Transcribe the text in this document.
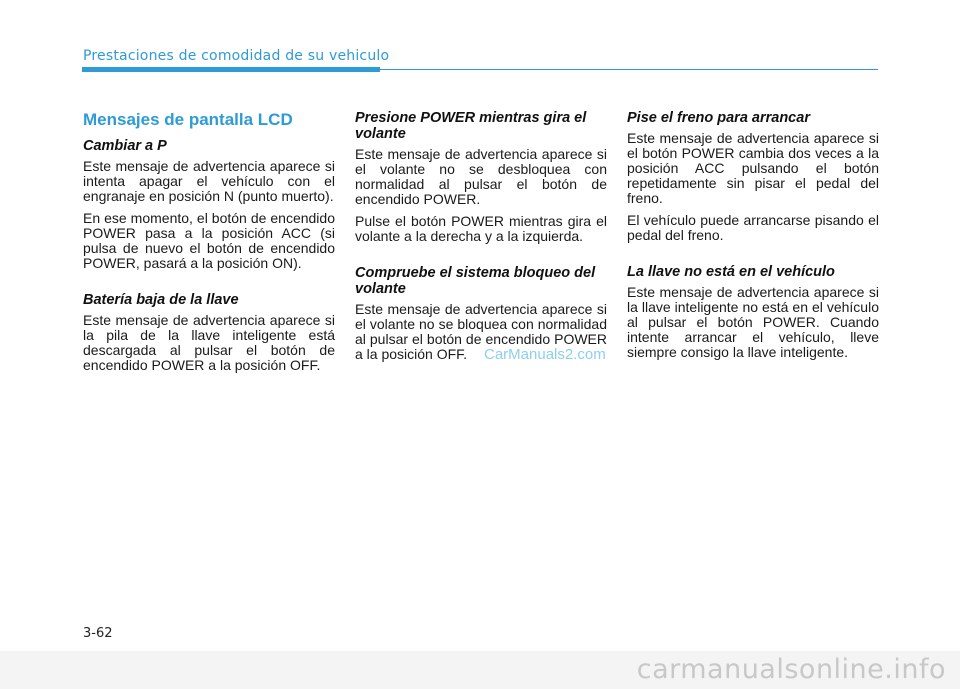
Prestaciones de comodidad de su vehiculo
Mensajes de pantalla LCD
Cambiar a P

Este mensaje de advertencia aparece si intenta apagar el vehículo con el engranaje en posición N (punto muerto).

En ese momento, el botón de encendido POWER pasa a la posición ACC (si pulsa de nuevo el botón de encendido POWER, pasará a la posición ON).

Batería baja de la llave

Este mensaje de advertencia aparece si la pila de la llave inteligente está descargada al pulsar el botón de encendido POWER a la posición OFF.

Presione POWER mientras gira el volante

Este mensaje de advertencia aparece si el volante no se desbloquea con normalidad al pulsar el botón de encendido POWER.

Pulse el botón POWER mientras gira el volante a la derecha y a la izquierda.

Compruebe el sistema bloqueo del volante

Este mensaje de advertencia aparece si el volante no se bloquea con normalidad al pulsar el botón de encendido POWER a la posición OFF.

Pise el freno para arrancar

Este mensaje de advertencia aparece si el botón POWER cambia dos veces a la posición ACC pulsando el botón repetidamente sin pisar el pedal del freno.

El vehículo puede arrancarse pisando el pedal del freno.

La llave no está en el vehículo

Este mensaje de advertencia aparece si la llave inteligente no está en el vehículo al pulsar el botón POWER. Cuando intente arrancar el vehículo, lleve siempre consigo la llave inteligente.

CarManuals2.com
3-62
carmanualsonline.info
